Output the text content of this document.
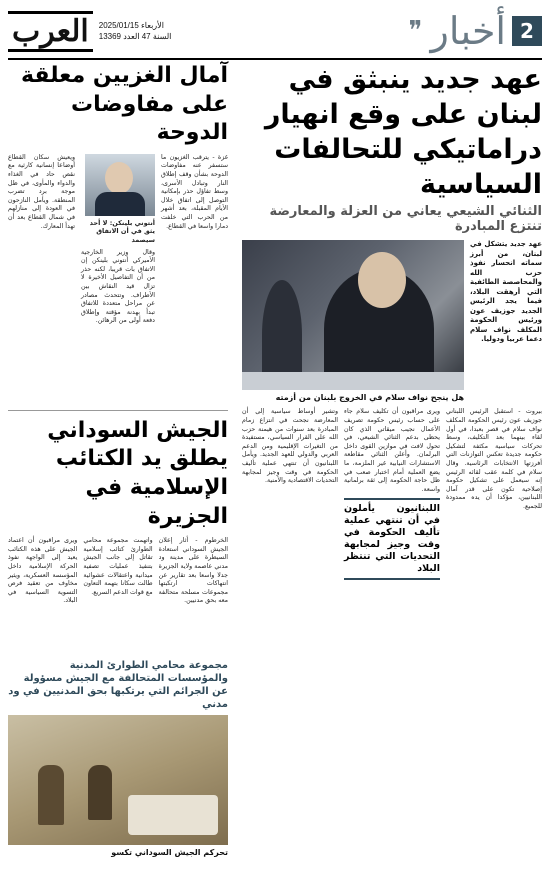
2
أخبار
❞
الأربعاء 2025/01/15
السنة 47 العدد 13369
العرب
عهد جديد ينبثق في لبنان على وقع انهيار دراماتيكي للتحالفات السياسية
الثنائي الشيعي يعاني من العزلة والمعارضة تنتزع المبادرة
عهد جديد يتشكل في لبنان، من أبرز سماته انحسار نفوذ حزب الله والمحاصصة الطائفية التي أرهقت البلاد، فيما يجد الرئيس الجديد جوزيف عون ورئيس الحكومة المكلف نواف سلام دعما عربيا ودوليا.
هل ينجح نواف سلام في الخروج بلبنان من أزمته
بيروت - استقبل الرئيس اللبناني جوزيف عون رئيس الحكومة المكلف نواف سلام في قصر بعبدا، في أول لقاء بينهما بعد التكليف، وسط تحركات سياسية مكثفة لتشكيل حكومة جديدة تعكس التوازنات التي أفرزتها الانتخابات الرئاسية. وقال سلام في كلمة عقب لقائه الرئيس إنه سيعمل على تشكيل حكومة إصلاحية تكون على قدر آمال اللبنانيين، مؤكدا أن يده ممدودة للجميع.
ويرى مراقبون أن تكليف سلام جاء على حساب رئيس حكومة تصريف الأعمال نجيب ميقاتي الذي كان يحظى بدعم الثنائي الشيعي، في تحول لافت في موازين القوى داخل البرلمان. وأعلن الثنائي مقاطعة الاستشارات النيابية غير الملزمة، ما يضع العملية أمام اختبار صعب في ظل حاجة الحكومة إلى ثقة برلمانية واسعة.
اللبنانيون يأملون في أن تنتهي عملية تأليف الحكومة في وقت وجيز لمجابهة التحديات التي تنتظر البلاد
وتشير أوساط سياسية إلى أن المعارضة نجحت في انتزاع زمام المبادرة بعد سنوات من هيمنة حزب الله على القرار السياسي، مستفيدة من التغيرات الإقليمية ومن الدعم العربي والدولي للعهد الجديد. ويأمل اللبنانيون أن تنتهي عملية تأليف الحكومة في وقت وجيز لمجابهة التحديات الاقتصادية والأمنية.
آمال الغزيين معلقة على مفاوضات الدوحة
غزة - يترقب الغزيون ما ستسفر عنه مفاوضات الدوحة بشأن وقف إطلاق النار وتبادل الأسرى، وسط تفاؤل حذر بإمكانية التوصل إلى اتفاق خلال الأيام المقبلة، بعد أشهر من الحرب التي خلفت دمارا واسعا في القطاع.
أنتوني بلينكن: لا أحد يثق في أن الاتفاق سيصمد
وقال وزير الخارجية الأميركي أنتوني بلينكن إن الاتفاق بات قريبا، لكنه حذر من أن التفاصيل الأخيرة لا تزال قيد النقاش بين الأطراف. وتتحدث مصادر عن مراحل متعددة للاتفاق تبدأ بهدنة مؤقتة وإطلاق دفعة أولى من الرهائن.
ويعيش سكان القطاع أوضاعا إنسانية كارثية مع نقص حاد في الغذاء والدواء والمأوى، في ظل موجة برد تضرب المنطقة. ويأمل النازحون في العودة إلى منازلهم في شمال القطاع بعد أن تهدأ المعارك.
الجيش السوداني يطلق يد الكتائب الإسلامية في الجزيرة
الخرطوم - أثار إعلان الجيش السوداني استعادة السيطرة على مدينة ود مدني عاصمة ولاية الجزيرة جدلا واسعا بعد تقارير عن انتهاكات ارتكبتها مجموعات مسلحة متحالفة معه بحق مدنيين.
واتهمت مجموعة محامي الطوارئ كتائب إسلامية تقاتل إلى جانب الجيش بتنفيذ عمليات تصفية ميدانية واعتقالات عشوائية طالت سكانا بتهمة التعاون مع قوات الدعم السريع.
ويرى مراقبون أن اعتماد الجيش على هذه الكتائب يعيد إلى الواجهة نفوذ الحركة الإسلامية داخل المؤسسة العسكرية، ويثير مخاوف من تعقيد فرص التسوية السياسية في البلاد.
مجموعة محامي الطوارئ المدنية والمؤسسات المتحالفة مع الجيش مسؤولة عن الجرائم التي يرتكبها بحق المدنيين في ود مدني
تحركم الجيش السوداني تكسو
